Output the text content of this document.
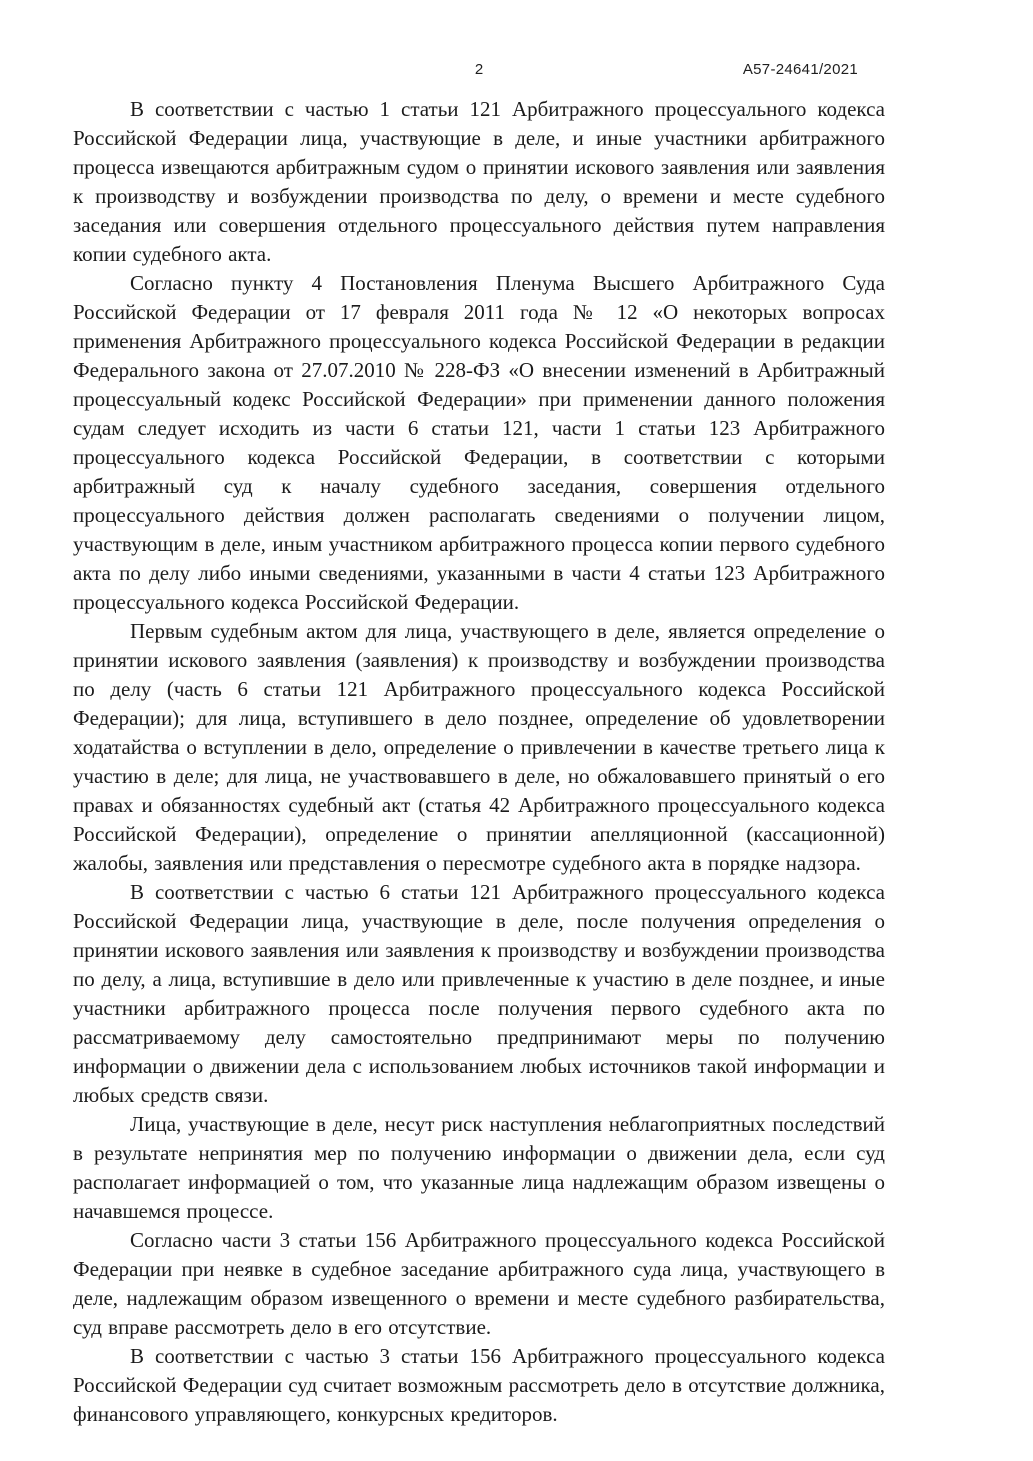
2	А57-24641/2021

В соответствии с частью 1 статьи 121 Арбитражного процессуального кодекса Российской Федерации лица, участвующие в деле, и иные участники арбитражного процесса извещаются арбитражным судом о принятии искового заявления или заявления к производству и возбуждении производства по делу, о времени и месте судебного заседания или совершения отдельного процессуального действия путем направления копии судебного акта.

Согласно пункту 4 Постановления Пленума Высшего Арбитражного Суда Российской Федерации от 17 февраля 2011 года № 12 «О некоторых вопросах применения Арбитражного процессуального кодекса Российской Федерации в редакции Федерального закона от 27.07.2010 № 228-ФЗ «О внесении изменений в Арбитражный процессуальный кодекс Российской Федерации» при применении данного положения судам следует исходить из части 6 статьи 121, части 1 статьи 123 Арбитражного процессуального кодекса Российской Федерации, в соответствии с которыми арбитражный суд к началу судебного заседания, совершения отдельного процессуального действия должен располагать сведениями о получении лицом, участвующим в деле, иным участником арбитражного процесса копии первого судебного акта по делу либо иными сведениями, указанными в части 4 статьи 123 Арбитражного процессуального кодекса Российской Федерации.

Первым судебным актом для лица, участвующего в деле, является определение о принятии искового заявления (заявления) к производству и возбуждении производства по делу (часть 6 статьи 121 Арбитражного процессуального кодекса Российской Федерации); для лица, вступившего в дело позднее, определение об удовлетворении ходатайства о вступлении в дело, определение о привлечении в качестве третьего лица к участию в деле; для лица, не участвовавшего в деле, но обжаловавшего принятый о его правах и обязанностях судебный акт (статья 42 Арбитражного процессуального кодекса Российской Федерации), определение о принятии апелляционной (кассационной) жалобы, заявления или представления о пересмотре судебного акта в порядке надзора.

В соответствии с частью 6 статьи 121 Арбитражного процессуального кодекса Российской Федерации лица, участвующие в деле, после получения определения о принятии искового заявления или заявления к производству и возбуждении производства по делу, а лица, вступившие в дело или привлеченные к участию в деле позднее, и иные участники арбитражного процесса после получения первого судебного акта по рассматриваемому делу самостоятельно предпринимают меры по получению информации о движении дела с использованием любых источников такой информации и любых средств связи.

Лица, участвующие в деле, несут риск наступления неблагоприятных последствий в результате непринятия мер по получению информации о движении дела, если суд располагает информацией о том, что указанные лица надлежащим образом извещены о начавшемся процессе.

Согласно части 3 статьи 156 Арбитражного процессуального кодекса Российской Федерации при неявке в судебное заседание арбитражного суда лица, участвующего в деле, надлежащим образом извещенного о времени и месте судебного разбирательства, суд вправе рассмотреть дело в его отсутствие.

В соответствии с частью 3 статьи 156 Арбитражного процессуального кодекса Российской Федерации суд считает возможным рассмотреть дело в отсутствие должника, финансового управляющего, конкурсных кредиторов.
